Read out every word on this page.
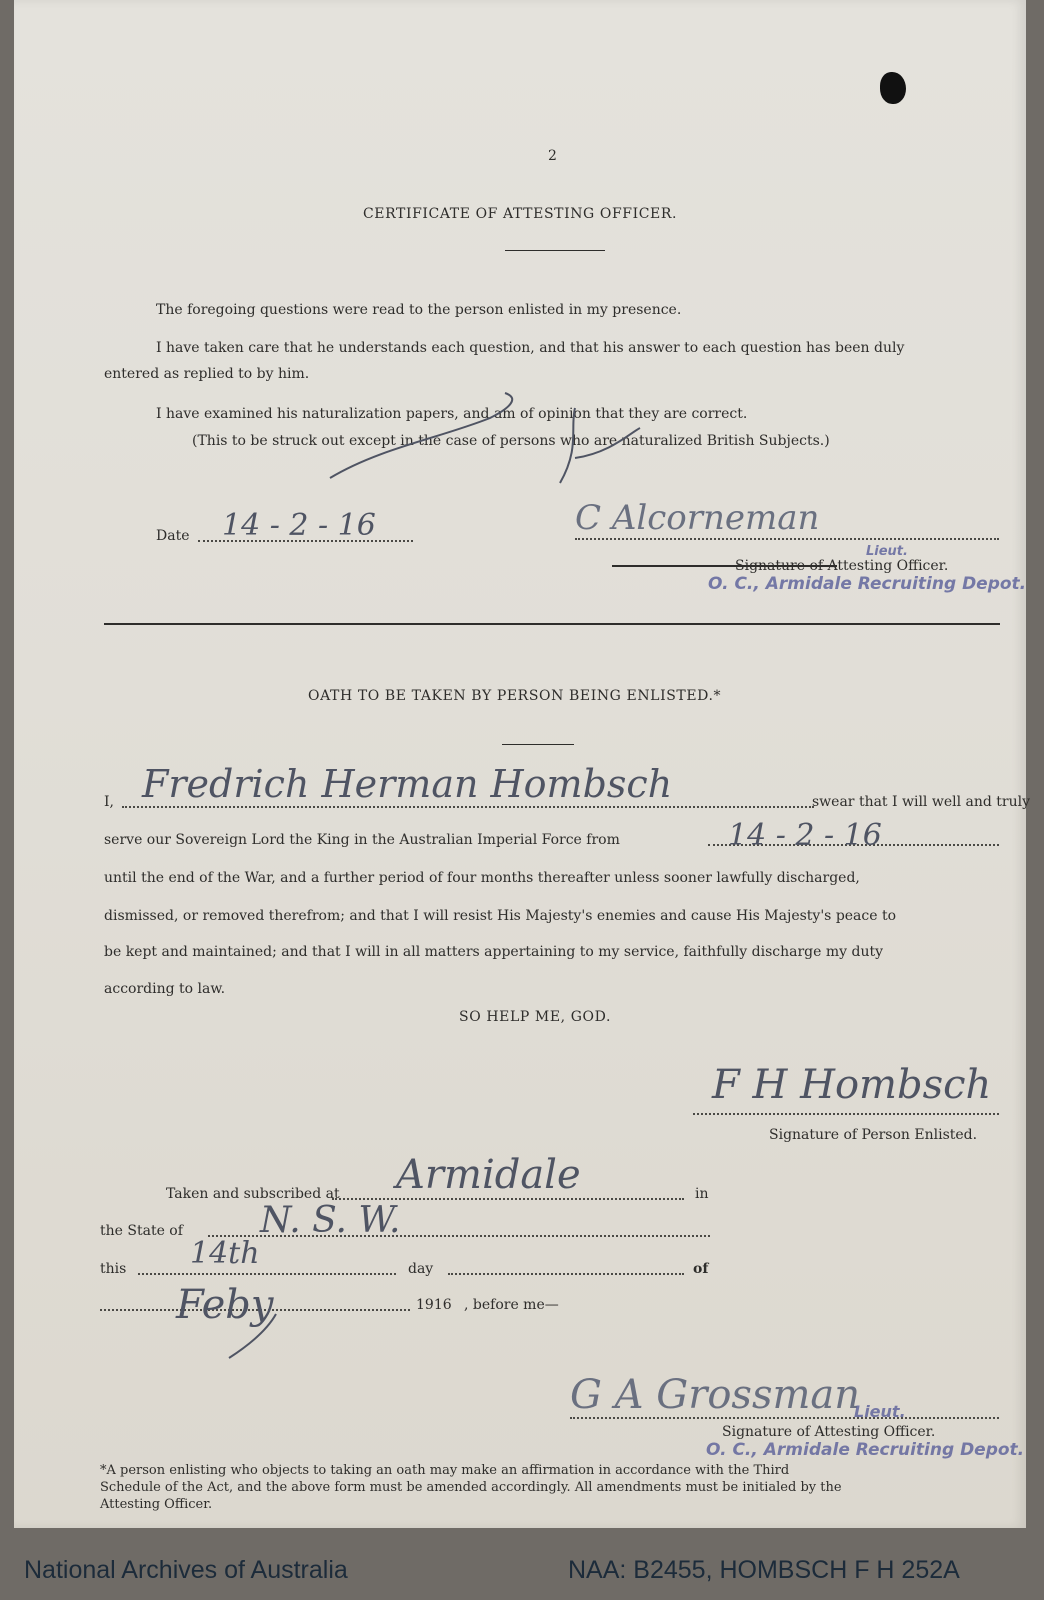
2
CERTIFICATE OF ATTESTING OFFICER.
The foregoing questions were read to the person enlisted in my presence.
I have taken care that he understands each question, and that his answer to each question has been duly
entered as replied to by him.
I have examined his naturalization papers, and am of opinion that they are correct.
(This to be struck out except in the case of persons who are naturalized British Subjects.)
Date 14 - 2 - 16	C Alcorneman
Lieut.
Signature of Attesting Officer.
O. C., Armidale Recruiting Depot.
OATH TO BE TAKEN BY PERSON BEING ENLISTED.*
I, Fredrich Herman Hombsch	swear that I will well and truly
serve our Sovereign Lord the King in the Australian Imperial Force from	14 - 2 - 16
until the end of the War, and a further period of four months thereafter unless sooner lawfully discharged,
dismissed, or removed therefrom; and that I will resist His Majesty's enemies and cause His Majesty's peace to
be kept and maintained; and that I will in all matters appertaining to my service, faithfully discharge my duty
according to law.
SO HELP ME, GOD.
F H Hombsch
Signature of Person Enlisted.
Taken and subscribed at Armidale	in
the State of N. S. W.
this 14th	day	of
Feby	1916 , before me—
G A Grossman
Lieut.
Signature of Attesting Officer.
O. C., Armidale Recruiting Depot.
*A person enlisting who objects to taking an oath may make an affirmation in accordance with the Third
Schedule of the Act, and the above form must be amended accordingly. All amendments must be initialed by the
Attesting Officer.
National Archives of Australia	NAA: B2455, HOMBSCH F H 252A
